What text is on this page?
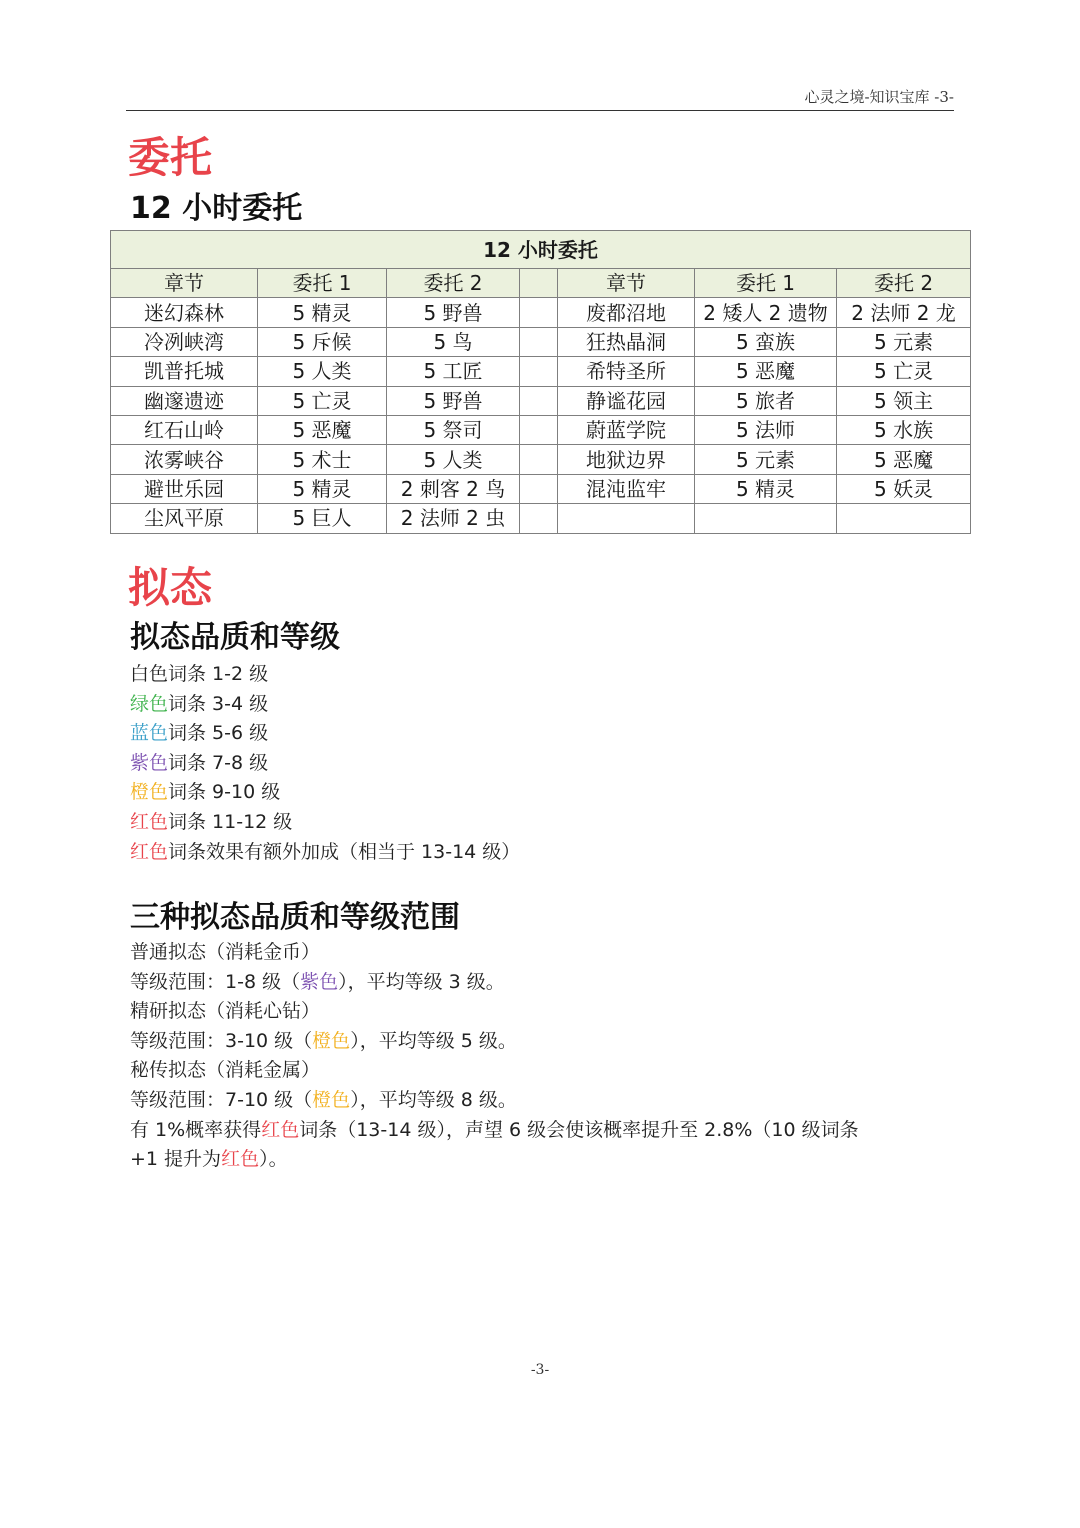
心灵之境-知识宝库 -3-
委托
12 小时委托
12 小时委托						
章节	委托 1	委托 2		章节	委托 1	委托 2
迷幻森林	5 精灵	5 野兽		废都沼地	2 矮人 2 遗物	2 法师 2 龙
冷冽峡湾	5 斥候	5 鸟		狂热晶洞	5 蛮族	5 元素
凯普托城	5 人类	5 工匠		希特圣所	5 恶魔	5 亡灵
幽邃遗迹	5 亡灵	5 野兽		静谧花园	5 旅者	5 领主
红石山岭	5 恶魔	5 祭司		蔚蓝学院	5 法师	5 水族
浓雾峡谷	5 术士	5 人类		地狱边界	5 元素	5 恶魔
避世乐园	5 精灵	2 刺客 2 鸟		混沌监牢	5 精灵	5 妖灵
尘风平原	5 巨人	2 法师 2 虫				
拟态
拟态品质和等级
白色词条 1-2 级
绿色词条 3-4 级
蓝色词条 5-6 级
紫色词条 7-8 级
橙色词条 9-10 级
红色词条 11-12 级
红色词条效果有额外加成（相当于 13-14 级）
三种拟态品质和等级范围
普通拟态（消耗金币）
等级范围：1-8 级（紫色），平均等级 3 级。
精研拟态（消耗心钻）
等级范围：3-10 级（橙色），平均等级 5 级。
秘传拟态（消耗金属）
等级范围：7-10 级（橙色），平均等级 8 级。
有 1%概率获得红色词条（13-14 级），声望 6 级会使该概率提升至 2.8%（10 级词条
+1 提升为红色）。
-3-
